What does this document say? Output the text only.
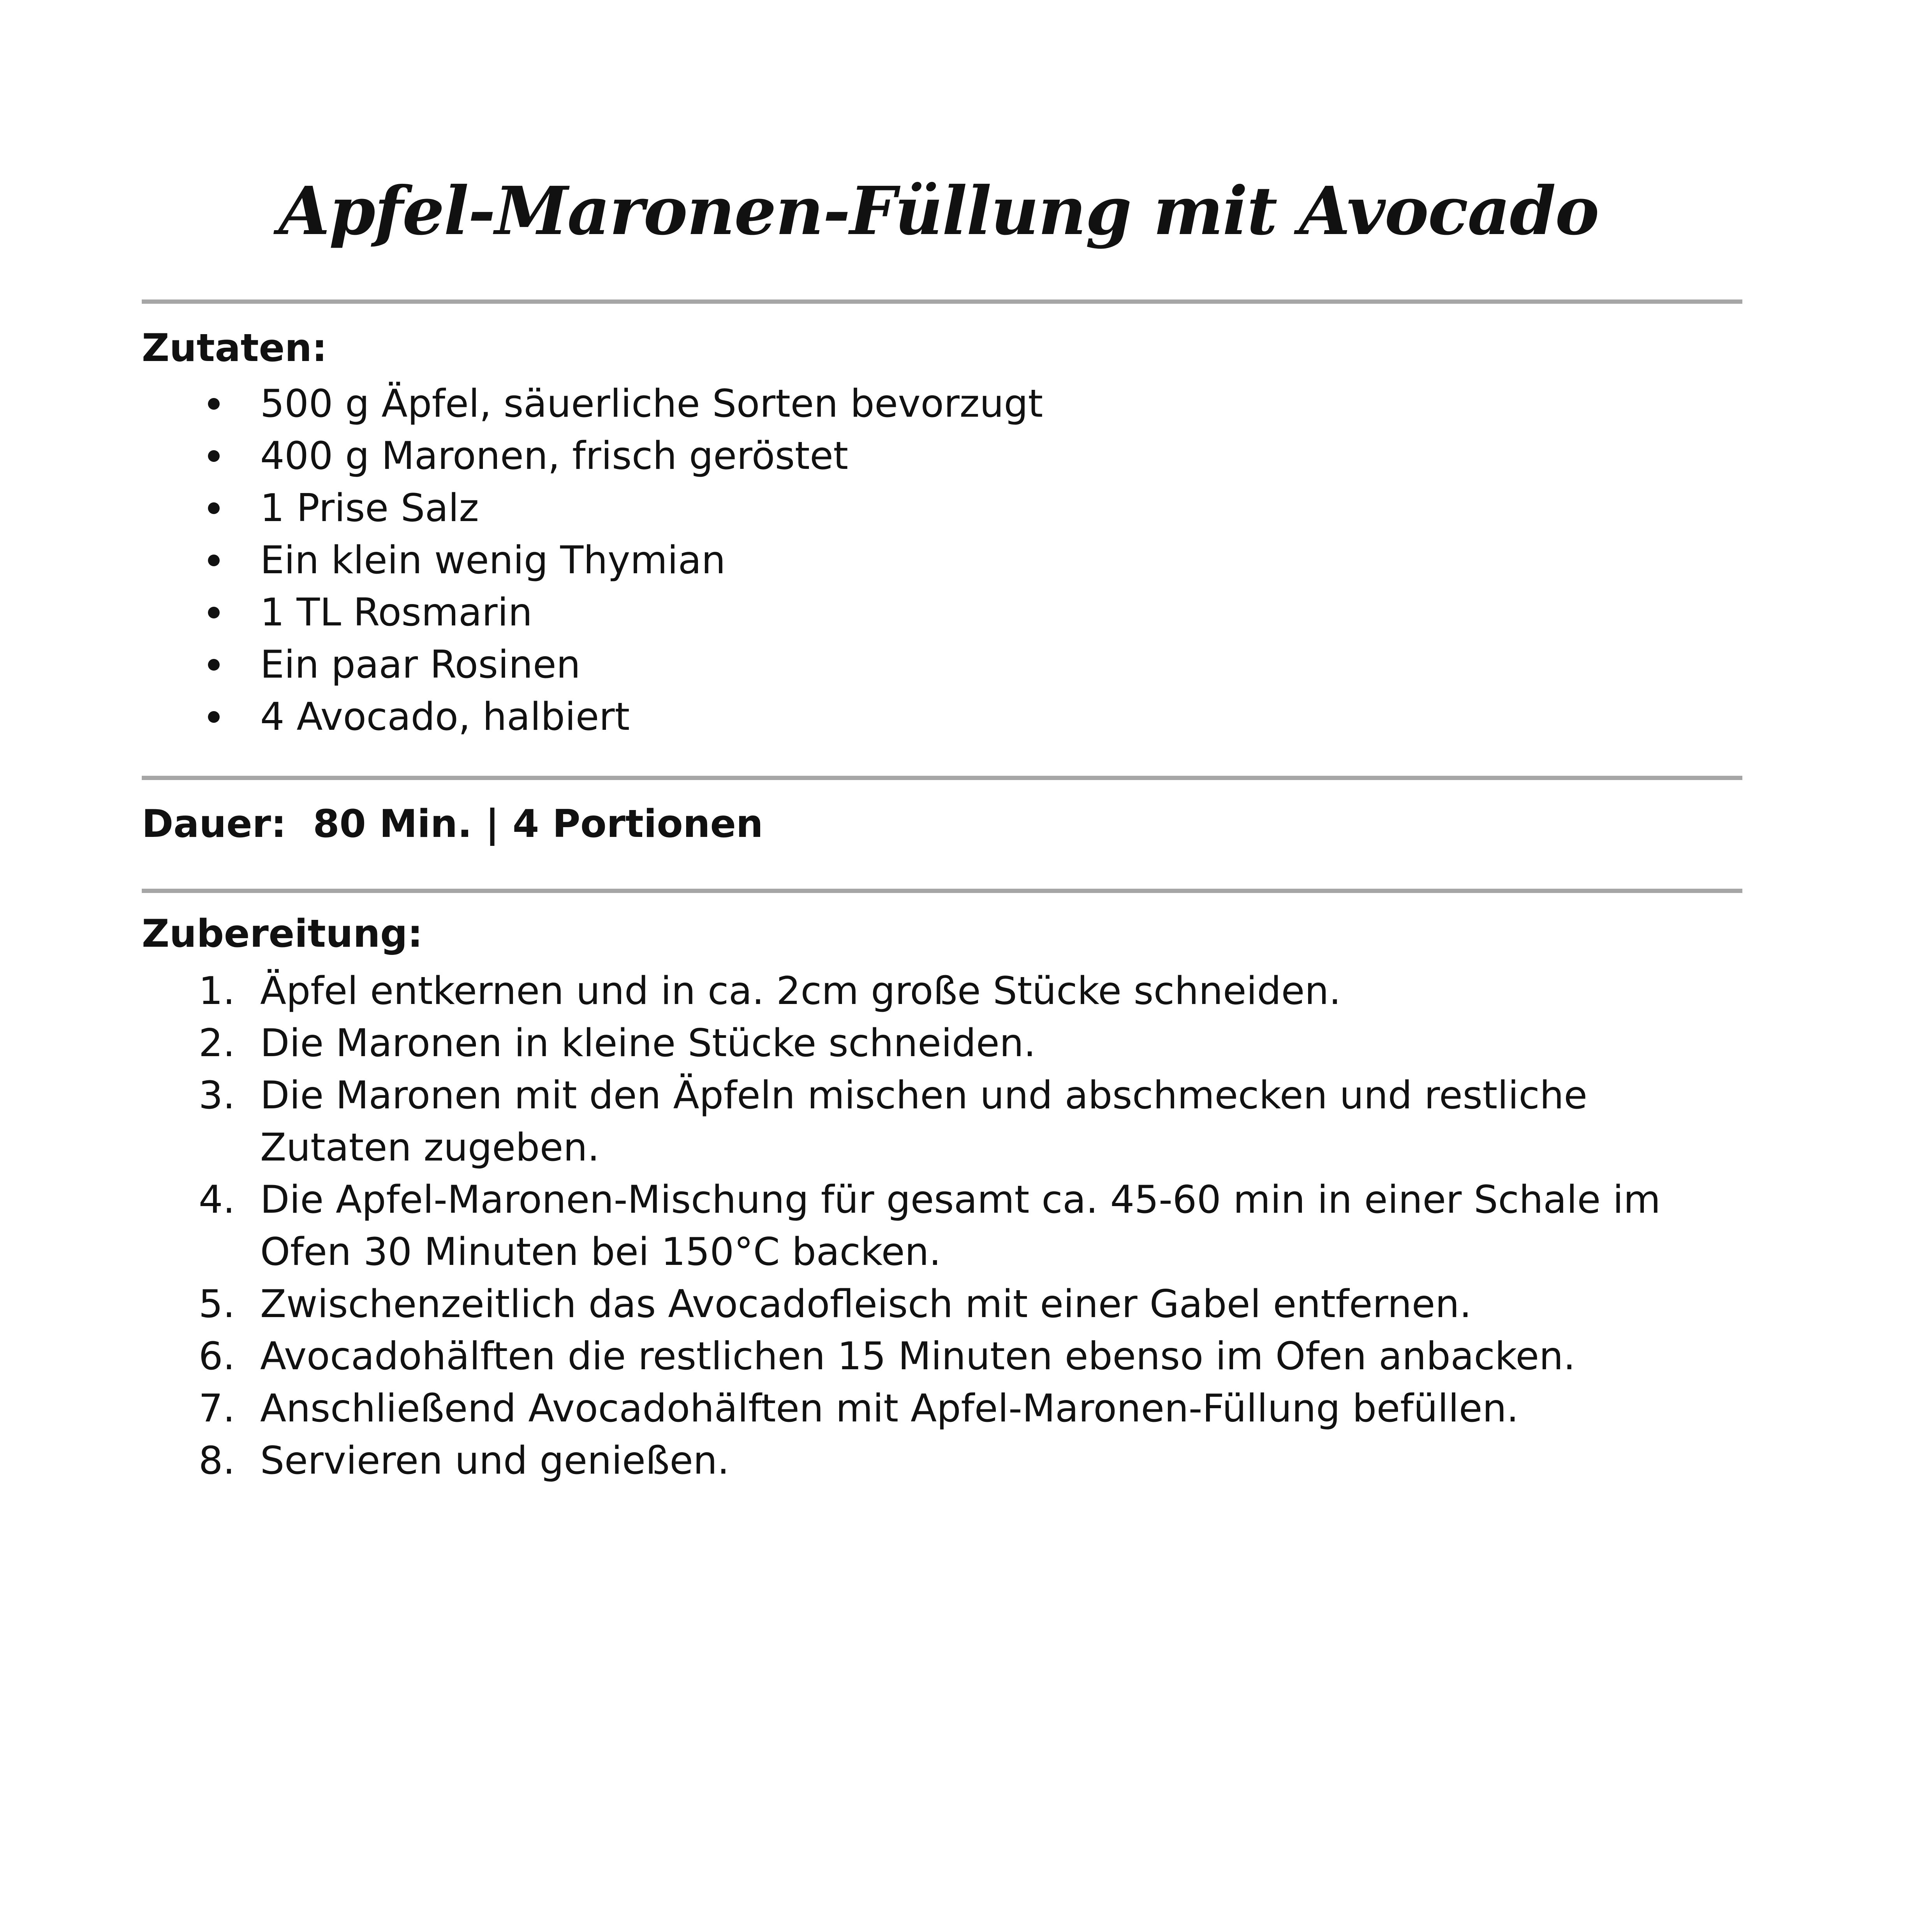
Apfel-Maronen-Füllung mit Avocado
Zutaten:
500 g Äpfel, säuerliche Sorten bevorzugt
400 g Maronen, frisch geröstet
1 Prise Salz
Ein klein wenig Thymian
1 TL Rosmarin
Ein paar Rosinen
4 Avocado, halbiert
Dauer: 80 Min. | 4 Portionen
Zubereitung:
1. Äpfel entkernen und in ca. 2cm große Stücke schneiden.
2. Die Maronen in kleine Stücke schneiden.
3. Die Maronen mit den Äpfeln mischen und abschmecken und restliche Zutaten zugeben.
4. Die Apfel-Maronen-Mischung für gesamt ca. 45-60 min in einer Schale im Ofen 30 Minuten bei 150°C backen.
5. Zwischenzeitlich das Avocadofleisch mit einer Gabel entfernen.
6. Avocadohälften die restlichen 15 Minuten ebenso im Ofen anbacken.
7. Anschließend Avocadohälften mit Apfel-Maronen-Füllung befüllen.
8. Servieren und genießen.
